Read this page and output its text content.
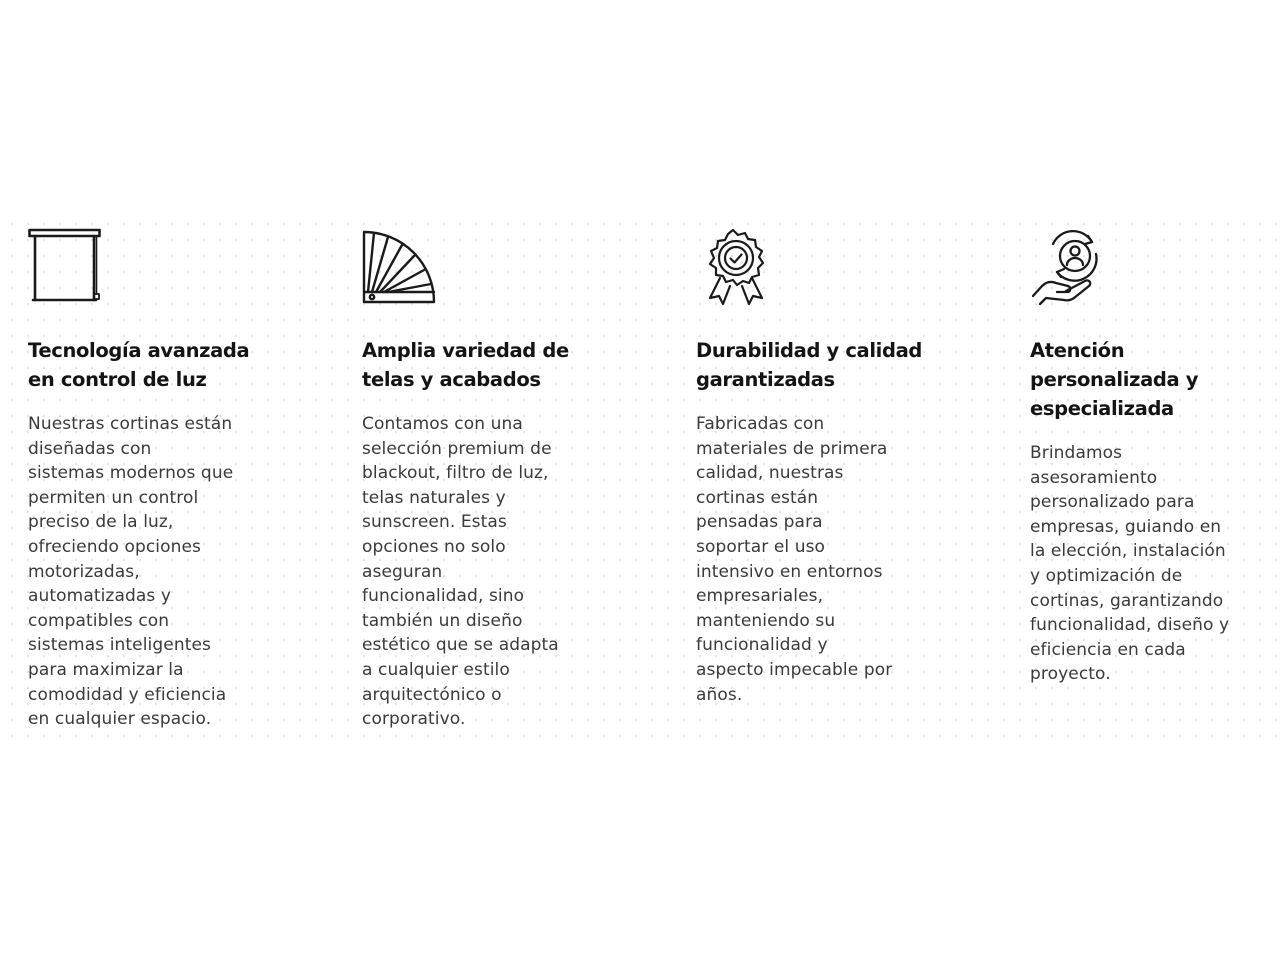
Tecnología avanzada
en control de luz

Nuestras cortinas están
diseñadas con
sistemas modernos que
permiten un control
preciso de la luz,
ofreciendo opciones
motorizadas,
automatizadas y
compatibles con
sistemas inteligentes
para maximizar la
comodidad y eficiencia
en cualquier espacio.

Amplia variedad de
telas y acabados

Contamos con una
selección premium de
blackout, filtro de luz,
telas naturales y
sunscreen. Estas
opciones no solo
aseguran
funcionalidad, sino
también un diseño
estético que se adapta
a cualquier estilo
arquitectónico o
corporativo.

Durabilidad y calidad
garantizadas

Fabricadas con
materiales de primera
calidad, nuestras
cortinas están
pensadas para
soportar el uso
intensivo en entornos
empresariales,
manteniendo su
funcionalidad y
aspecto impecable por
años.

Atención
personalizada y
especializada

Brindamos
asesoramiento
personalizado para
empresas, guiando en
la elección, instalación
y optimización de
cortinas, garantizando
funcionalidad, diseño y
eficiencia en cada
proyecto.
